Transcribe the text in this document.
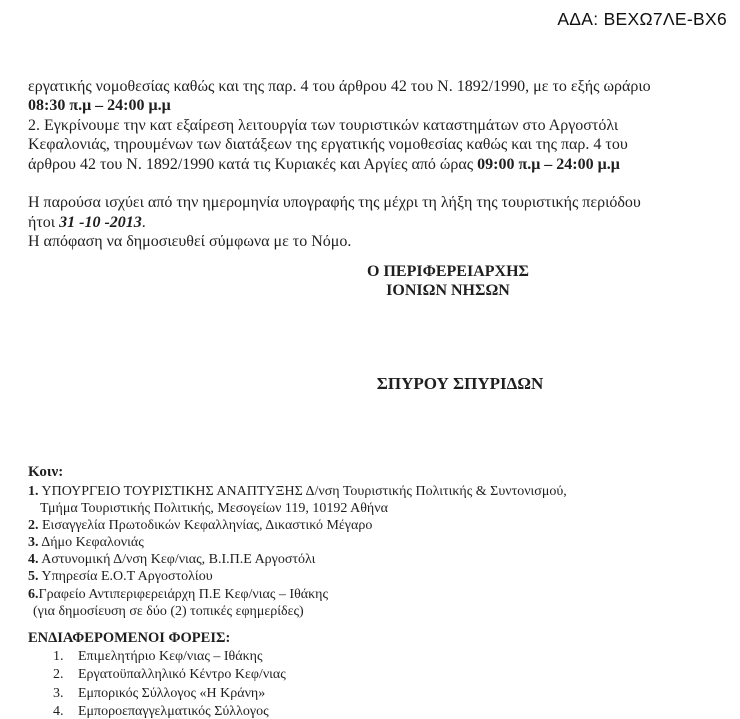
ΑΔΑ: ΒΕΧΩ7ΛΕ-ΒΧ6
εργατικής νομοθεσίας καθώς και της παρ. 4 του άρθρου 42 του Ν. 1892/1990, με το εξής ωράριο
08:30 π.μ – 24:00 μ.μ
2. Εγκρίνουμε την κατ εξαίρεση λειτουργία των τουριστικών καταστημάτων στο Αργοστόλι
Κεφαλονιάς, τηρουμένων των διατάξεων της εργατικής νομοθεσίας καθώς και της παρ. 4 του
άρθρου 42 του Ν. 1892/1990 κατά τις Κυριακές και Αργίες από ώρας 09:00 π.μ – 24:00 μ.μ
Η παρούσα ισχύει από την ημερομηνία υπογραφής της μέχρι τη λήξη της τουριστικής περιόδου
ήτοι 31 -10 -2013.
Η απόφαση να δημοσιευθεί σύμφωνα με το Νόμο.
Ο ΠΕΡΙΦΕΡΕΙΑΡΧΗΣ
ΙΟΝΙΩΝ ΝΗΣΩΝ
ΣΠΥΡΟΥ ΣΠΥΡΙΔΩΝ
Κοιν:
1. ΥΠΟΥΡΓΕΙΟ ΤΟΥΡΙΣΤΙΚΗΣ ΑΝΑΠΤΥΞΗΣ Δ/νση Τουριστικής Πολιτικής & Συντονισμού,
Τμήμα Τουριστικής Πολιτικής, Μεσογείων 119, 10192 Αθήνα
2. Εισαγγελία Πρωτοδικών Κεφαλληνίας, Δικαστικό Μέγαρο
3. Δήμο Κεφαλονιάς
4. Αστυνομική Δ/νση Κεφ/νιας, Β.Ι.Π.Ε Αργοστόλι
5. Υπηρεσία Ε.Ο.Τ Αργοστολίου
6.Γραφείο Αντιπεριφερειάρχη Π.Ε Κεφ/νιας – Ιθάκης
(για δημοσίευση σε δύο (2) τοπικές εφημερίδες)
ΕΝΔΙΑΦΕΡΟΜΕΝΟΙ ΦΟΡΕΙΣ:
1. Επιμελητήριο Κεφ/νιας – Ιθάκης
2. Εργατοϋπαλληλικό Κέντρο Κεφ/νιας
3. Εμπορικός Σύλλογος «Η Κράνη»
4. Εμποροεπαγγελματικός Σύλλογος
